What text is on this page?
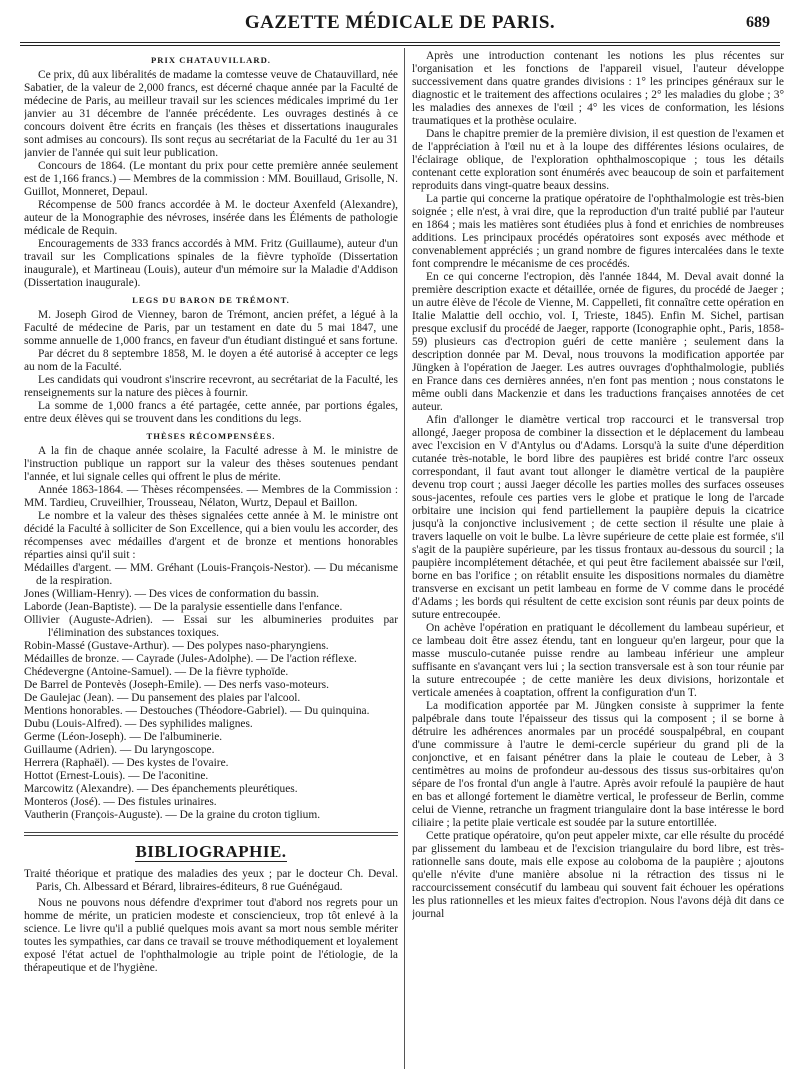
GAZETTE MÉDICALE DE PARIS.	689
PRIX CHATAUVILLARD.

Ce prix, dû aux libéralités de madame la comtesse veuve de Chatauvillard, née Sabatier, de la valeur de 2,000 francs, est décerné chaque année par la Faculté de médecine de Paris, au meilleur travail sur les sciences médicales imprimé du 1er janvier au 31 décembre de l'année précédente. Les ouvrages destinés à ce concours doivent être écrits en français (les thèses et dissertations inaugurales sont admises au concours). Ils sont reçus au secrétariat de la Faculté du 1er au 31 janvier de l'année qui suit leur publication.

Concours de 1864. (Le montant du prix pour cette première année seulement est de 1,166 francs.) — Membres de la commission : MM. Bouillaud, Grisolle, N. Guillot, Monneret, Depaul.

Récompense de 500 francs accordée à M. le docteur Axenfeld (Alexandre), auteur de la Monographie des névroses, insérée dans les Éléments de pathologie médicale de Requin.

Encouragements de 333 francs accordés à MM. Fritz (Guillaume), auteur d'un travail sur les Complications spinales de la fièvre typhoïde (Dissertation inaugurale), et Martineau (Louis), auteur d'un mémoire sur la Maladie d'Addison (Dissertation inaugurale).

LEGS DU BARON DE TRÉMONT.

M. Joseph Girod de Vienney, baron de Trémont, ancien préfet, a légué à la Faculté de médecine de Paris, par un testament en date du 5 mai 1847, une somme annuelle de 1,000 francs, en faveur d'un étudiant distingué et sans fortune.

Par décret du 8 septembre 1858, M. le doyen a été autorisé à accepter ce legs au nom de la Faculté.

Les candidats qui voudront s'inscrire recevront, au secrétariat de la Faculté, les renseignements sur la nature des pièces à fournir.

La somme de 1,000 francs a été partagée, cette année, par portions égales, entre deux élèves qui se trouvent dans les conditions du legs.

THÈSES RÉCOMPENSÉES.

A la fin de chaque année scolaire, la Faculté adresse à M. le ministre de l'instruction publique un rapport sur la valeur des thèses soutenues pendant l'année, et lui signale celles qui offrent le plus de mérite.

Année 1863-1864. — Thèses récompensées. — Membres de la Commission : MM. Tardieu, Cruveilhier, Trousseau, Nélaton, Wurtz, Depaul et Baillon.

Le nombre et la valeur des thèses signalées cette année à M. le ministre ont décidé la Faculté à solliciter de Son Excellence, qui a bien voulu les accorder, des récompenses avec médailles d'argent et de bronze et mentions honorables réparties ainsi qu'il suit :

Médailles d'argent. — MM. Gréhant (Louis-François-Nestor). — Du mécanisme de la respiration.

Jones (William-Henry). — Des vices de conformation du bassin.

Laborde (Jean-Baptiste). — De la paralysie essentielle dans l'enfance.

Ollivier (Auguste-Adrien). — Essai sur les albumineries produites par l'élimination des substances toxiques.

Robin-Massé (Gustave-Arthur). — Des polypes naso-pharyngiens.

Médailles de bronze. — Cayrade (Jules-Adolphe). — De l'action réflexe.

Chédevergne (Antoine-Samuel). — De la fièvre typhoïde.

De Barrel de Pontevès (Joseph-Emile). — Des nerfs vaso-moteurs.

De Gaulejac (Jean). — Du pansement des plaies par l'alcool.

Mentions honorables. — Destouches (Théodore-Gabriel). — Du quinquina.

Dubu (Louis-Alfred). — Des syphilides malignes.

Germe (Léon-Joseph). — De l'albuminerie.

Guillaume (Adrien). — Du laryngoscope.

Herrera (Raphaël). — Des kystes de l'ovaire.

Hottot (Ernest-Louis). — De l'aconitine.

Marcowitz (Alexandre). — Des épanchements pleurétiques.

Monteros (José). — Des fistules urinaires.

Vautherin (François-Auguste). — De la graine du croton tiglium.

BIBLIOGRAPHIE.

Traité théorique et pratique des maladies des yeux ; par le docteur Ch. Deval. Paris, Ch. Albessard et Bérard, libraires-éditeurs, 8 rue Guénégaud.

Nous ne pouvons nous défendre d'exprimer tout d'abord nos regrets pour un homme de mérite, un praticien modeste et consciencieux, trop tôt enlevé à la science. Le livre qu'il a publié quelques mois avant sa mort nous semble mériter toutes les sympathies, car dans ce travail se trouve méthodiquement et loyalement exposé l'état actuel de l'ophthalmologie au triple point de l'étiologie, de la thérapeutique et de l'hygiène.

Après une introduction contenant les notions les plus récentes sur l'organisation et les fonctions de l'appareil visuel, l'auteur développe successivement dans quatre grandes divisions : 1° les principes généraux sur le diagnostic et le traitement des affections oculaires ; 2° les maladies du globe ; 3° les maladies des annexes de l'œil ; 4° les vices de conformation, les lésions traumatiques et la prothèse oculaire.

Dans le chapitre premier de la première division, il est question de l'examen et de l'appréciation à l'œil nu et à la loupe des différentes lésions oculaires, de l'éclairage oblique, de l'exploration ophthalmoscopique ; tous les détails contenant cette exploration sont énumérés avec beaucoup de soin et parfaitement reproduits dans vingt-quatre beaux dessins.

La partie qui concerne la pratique opératoire de l'ophthalmologie est très-bien soignée ; elle n'est, à vrai dire, que la reproduction d'un traité publié par l'auteur en 1864 ; mais les matières sont étudiées plus à fond et enrichies de nombreuses additions. Les principaux procédés opératoires sont exposés avec méthode et convenablement appréciés ; un grand nombre de figures intercalées dans le texte font comprendre le mécanisme de ces procédés.

En ce qui concerne l'ectropion, dès l'année 1844, M. Deval avait donné la première description exacte et détaillée, ornée de figures, du procédé de Jaeger ; un autre élève de l'école de Vienne, M. Cappelleti, fit connaître cette opération en Italie Malattie dell occhio, vol. I, Trieste, 1845). Enfin M. Sichel, partisan presque exclusif du procédé de Jaeger, rapporte (Iconographie opht., Paris, 1858-59) plusieurs cas d'ectropion guéri de cette manière ; seulement dans la description donnée par M. Deval, nous trouvons la modification apportée par Jüngken à l'opération de Jaeger. Les autres ouvrages d'ophthalmologie, publiés en France dans ces dernières années, n'en font pas mention ; nous constatons le même oubli dans Mackenzie et dans les traductions françaises annotées de cet auteur.

Afin d'allonger le diamètre vertical trop raccourci et le transversal trop allongé, Jaeger proposa de combiner la dissection et le déplacement du lambeau avec l'excision en V d'Antylus ou d'Adams. Lorsqu'à la suite d'une déperdition cutanée très-notable, le bord libre des paupières est bridé contre l'arc osseux correspondant, il faut avant tout allonger le diamètre vertical de la paupière devenu trop court ; aussi Jaeger décolle les parties molles des surfaces osseuses sous-jacentes, refoule ces parties vers le globe et pratique le long de l'arcade orbitaire une incision qui fend partiellement la paupière depuis la cicatrice jusqu'à la conjonctive inclusivement ; de cette section il résulte une plaie à travers laquelle on voit le bulbe. La lèvre supérieure de cette plaie est formée, s'il s'agit de la paupière supérieure, par les tissus frontaux au-dessous du sourcil ; la paupière incomplétement détachée, et qui peut être facilement abaissée sur l'œil, borne en bas l'orifice ; on rétablit ensuite les dispositions normales du diamètre transverse en excisant un petit lambeau en forme de V comme dans le procédé d'Adams ; les bords qui résultent de cette excision sont réunis par deux points de suture entrecoupée.

On achève l'opération en pratiquant le décollement du lambeau supérieur, et ce lambeau doit être assez étendu, tant en longueur qu'en largeur, pour que la masse musculo-cutanée puisse rendre au lambeau inférieur une ampleur suffisante en s'avançant vers lui ; la section transversale est à son tour réunie par la suture entrecoupée ; de cette manière les deux divisions, horizontale et verticale amenées à coaptation, offrent la configuration d'un T.

La modification apportée par M. Jüngken consiste à supprimer la fente palpébrale dans toute l'épaisseur des tissus qui la composent ; il se borne à détruire les adhérences anormales par un procédé souspalpébral, en coupant d'une commissure à l'autre le demi-cercle supérieur du grand pli de la conjonctive, et en faisant pénétrer dans la plaie le couteau de Leber, à 3 centimètres au moins de profondeur au-dessous des tissus sus-orbitaires qu'on sépare de l'os frontal d'un angle à l'autre. Après avoir refoulé la paupière de haut en bas et allongé fortement le diamètre vertical, le professeur de Berlin, comme celui de Vienne, retranche un fragment triangulaire dont la base intéresse le bord ciliaire ; la petite plaie verticale est soudée par la suture entortillée.

Cette pratique opératoire, qu'on peut appeler mixte, car elle résulte du procédé par glissement du lambeau et de l'excision triangulaire du bord libre, est très-rationnelle sans doute, mais elle expose au coloboma de la paupière ; ajoutons qu'elle n'évite d'une manière absolue ni la rétraction des tissus ni le raccourcissement consécutif du lambeau qui souvent fait échouer les opérations les plus rationnelles et les mieux faites d'ectropion. Nous l'avons déjà dit dans ce journal
